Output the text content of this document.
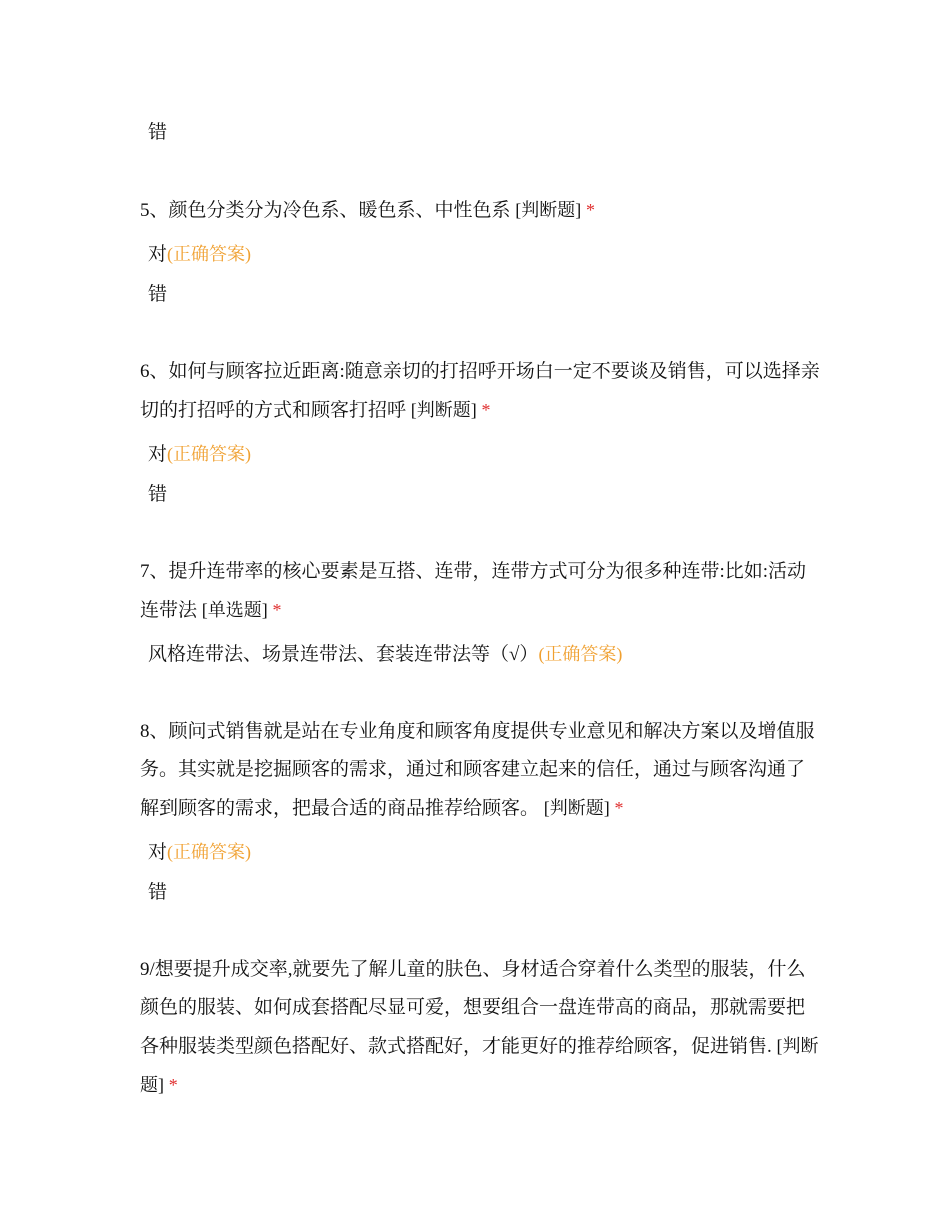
错

5、颜色分类分为冷色系、暖色系、中性色系 [判断题] *

对(正确答案)
错

6、如何与顾客拉近距离:随意亲切的打招呼开场白一定不要谈及销售，可以选择亲切的打招呼的方式和顾客打招呼 [判断题] *

对(正确答案)
错

7、提升连带率的核心要素是互搭、连带，连带方式可分为很多种连带:比如:活动连带法 [单选题] *

风格连带法、场景连带法、套装连带法等（√）(正确答案)

8、顾问式销售就是站在专业角度和顾客角度提供专业意见和解决方案以及增值服务。其实就是挖掘顾客的需求，通过和顾客建立起来的信任，通过与顾客沟通了解到顾客的需求，把最合适的商品推荐给顾客。 [判断题] *

对(正确答案)
错

9/想要提升成交率,就要先了解儿童的肤色、身材适合穿着什么类型的服装，什么颜色的服装、如何成套搭配尽显可爱，想要组合一盘连带高的商品，那就需要把各种服装类型颜色搭配好、款式搭配好，才能更好的推荐给顾客，促进销售. [判断题] *
